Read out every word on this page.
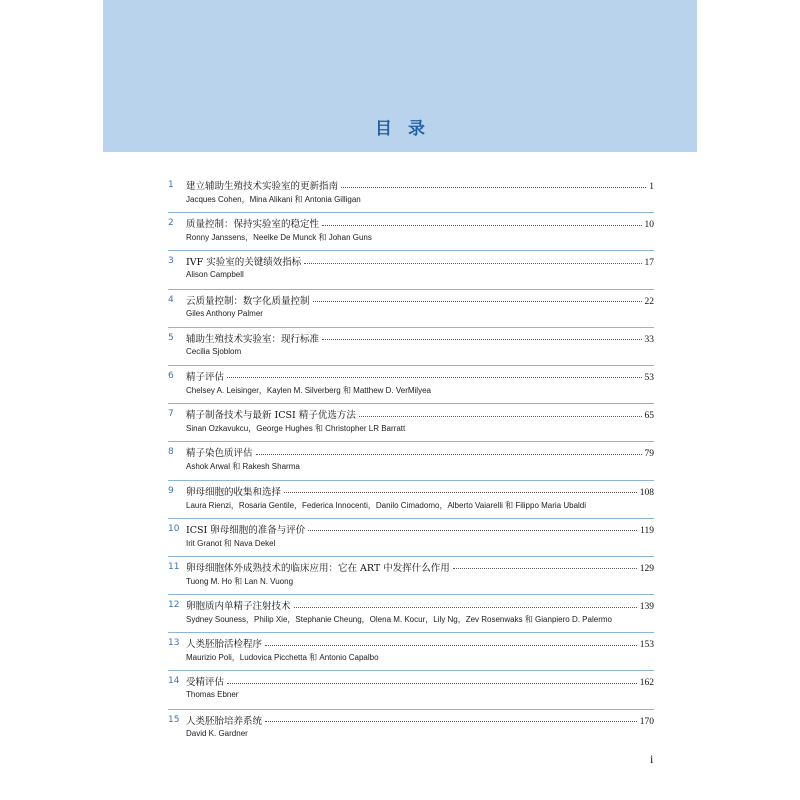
目录
1	建立辅助生殖技术实验室的更新指南	1
Jacques Cohen，Mina Alikani 和 Antonia Gilligan
2	质量控制：保持实验室的稳定性	10
Ronny Janssens，Neelke De Munck 和 Johan Guns
3	IVF 实验室的关键绩效指标	17
Alison Campbell
4	云质量控制：数字化质量控制	22
Giles Anthony Palmer
5	辅助生殖技术实验室：现行标准	33
Cecilia Sjoblom
6	精子评估	53
Chelsey A. Leisinger，Kaylen M. Silverberg 和 Matthew D. VerMilyea
7	精子制备技术与最新 ICSI 精子优选方法	65
Sinan Ozkavukcu，George Hughes 和 Christopher LR Barratt
8	精子染色质评估	79
Ashok Arwal 和 Rakesh Sharma
9	卵母细胞的收集和选择	108
Laura Rienzi，Rosaria Gentile，Federica Innocenti，Danilo Cimadomo，Alberto Vaiarelli 和 Filippo Maria Ubaldi
10 ICSI 卵母细胞的准备与评价	119
Irit Granot 和 Nava Dekel
11 卵母细胞体外成熟技术的临床应用：它在 ART 中发挥什么作用	129
Tuong M. Ho 和 Lan N. Vuong
12 卵胞质内单精子注射技术	139
Sydney Souness，Philip Xie，Stephanie Cheung，Olena M. Kocur，Lily Ng，Zev Rosenwaks 和 Gianpiero D. Palermo
13 人类胚胎活检程序	153
Maurizio Poli，Ludovica Picchetta 和 Antonio Capalbo
14 受精评估	162
Thomas Ebner
15 人类胚胎培养系统	170
David K. Gardner
i
